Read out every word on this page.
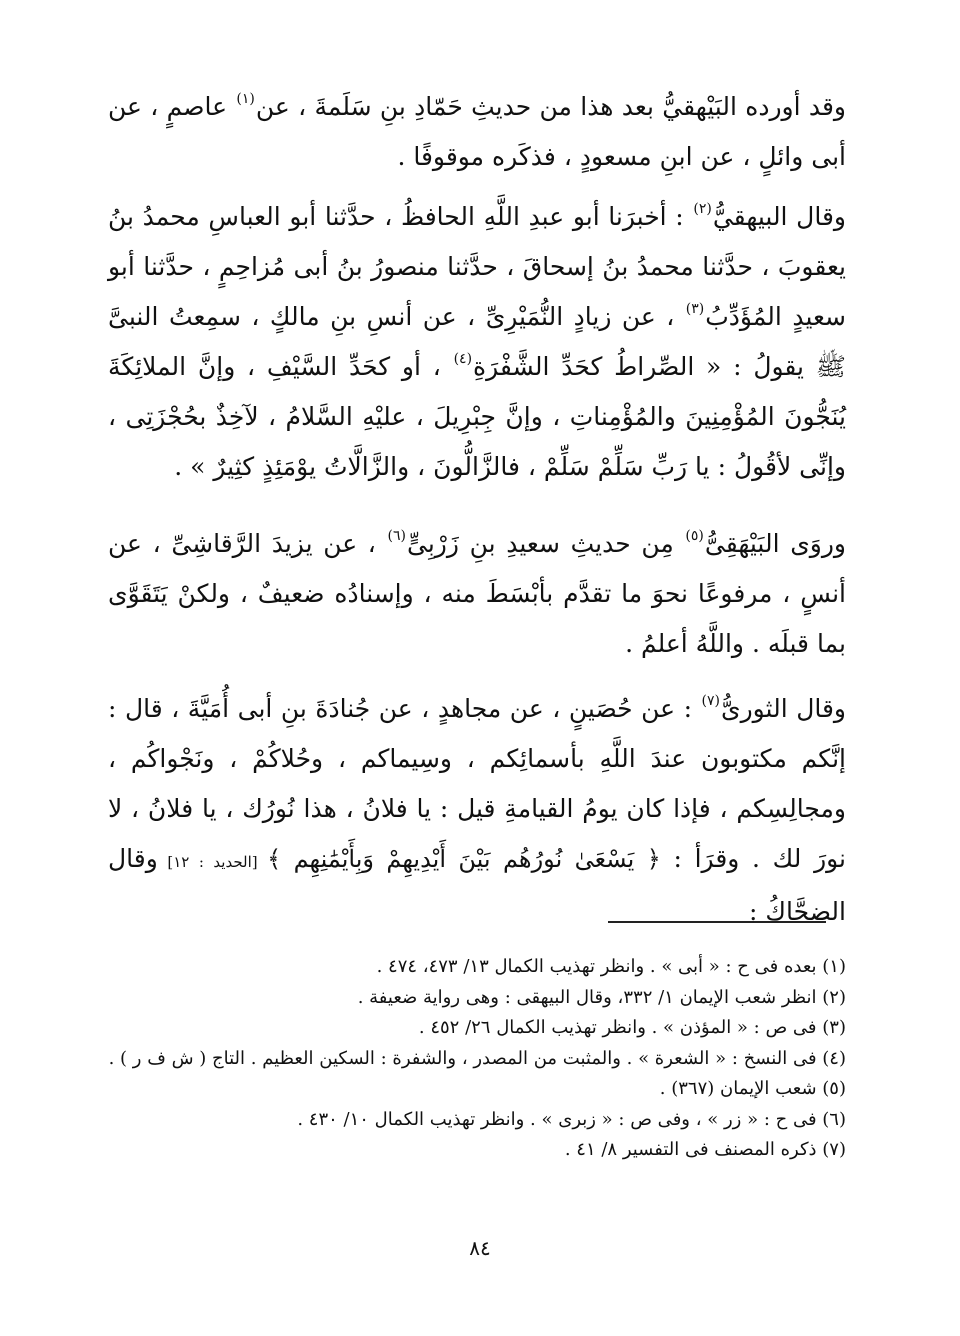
وقد أورده البَيْهقيُّ بعد هذا من حديثِ حَمّادِ بنِ سَلَمةَ ، عن$^{(١)}$ عاصمٍ ، عن أبى وائلٍ ، عن ابنِ مسعودٍ ، فذكَره موقوفًا .

وقال البيهقيُّ$^{(٢)}$ : أخبرَنا أبو عبدِ اللَّهِ الحافظُ ، حدَّثنا أبو العباسِ محمدُ بنُ يعقوبَ ، حدَّثنا محمدُ بنُ إسحاقَ ، حدَّثنا منصورُ بنُ أبى مُزاحِمٍ ، حدَّثنا أبو سعيدٍ المُؤَدِّبُ$^{(٣)}$ ، عن زيادٍ النُّمَيْرِىِّ ، عن أنسِ بنِ مالكٍ ، سمِعتُ النبىَّ ﷺ يقولُ : « الصِّراطُ كحَدِّ الشَّفْرَةِ$^{(٤)}$ ، أو كحَدِّ السَّيْفِ ، وإنَّ الملائِكَةَ يُنَجُّونَ المُؤْمِنِينَ والمُؤْمِناتِ ، وإنَّ جِبْرِيلَ ، عليْهِ السَّلامُ ، لآخِذٌ بحُجْزَتِى ، وإنِّى لأقُولُ : يا رَبِّ سَلِّمْ سَلِّمْ ، فالزَّالُّونَ ، والزَّالَّاتُ يوْمَئِذٍ كثِيرٌ » .

وروَى البَيْهَقِىُّ$^{(٥)}$ مِن حديثِ سعيدِ بنِ زَرْبِىٍّ$^{(٦)}$ ، عن يزيدَ الرَّقاشِىِّ ، عن أنسٍ ، مرفوعًا نحوَ ما تقدَّم بأبْسَطَ منه ، وإسنادُه ضعيفٌ ، ولكنْ يَتَقَوَّى بما قبلَه . واللَّهُ أعلمُ .

وقال الثورىُّ$^{(٧)}$ : عن حُصَينٍ ، عن مجاهدٍ ، عن جُنادَةَ بنِ أبى أُمَيَّةَ ، قال : إنَّكم مكتوبون عندَ اللَّهِ بأسمائِكم ، وسِيماكم ، وحُلاكُمْ ، ونَجْواكُم ، ومجالِسِكم ، فإذا كان يومُ القيامةِ قيل : يا فلانُ ، هذا نُورُك ، يا فلانُ ، لا نورَ لك . وقرَأ : ﴿ يَسْعَىٰ نُورُهُم بَيْنَ أَيْدِيهِمْ وَبِأَيْمَٰنِهِم ﴾ [الحديد : ١٢] وقال الضحَّاكُ :

(١) بعده فى ح : « أبى » . وانظر تهذيب الكمال ١٣/ ٤٧٣، ٤٧٤ .
(٢) انظر شعب الإيمان ١/ ٣٣٢، وقال البيهقى : وهى رواية ضعيفة .
(٣) فى ص : « المؤذن » . وانظر تهذيب الكمال ٢٦/ ٤٥٢ .
(٤) فى النسخ : « الشعرة » . والمثبت من المصدر ، والشفرة : السكين العظيم . التاج ( ش ف ر ) .
(٥) شعب الإيمان (٣٦٧) .
(٦) فى ح : « زر » ، وفى ص : « زبرى » . وانظر تهذيب الكمال ١٠/ ٤٣٠ .
(٧) ذكره المصنف فى التفسير ٨/ ٤١ .
٨٤
